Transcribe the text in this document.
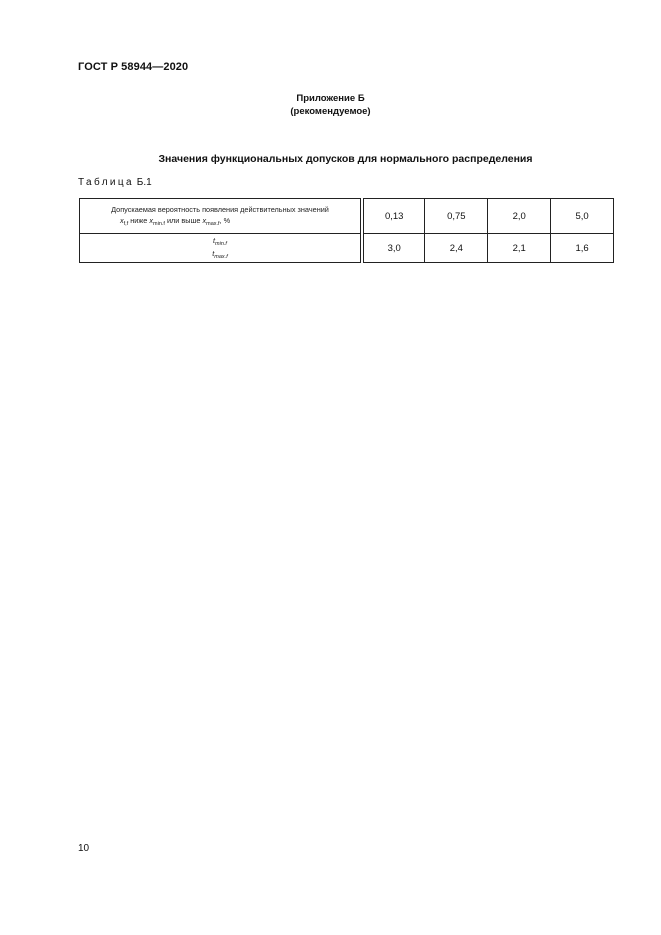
ГОСТ Р 58944—2020
Приложение Б
(рекомендуемое)
Значения функциональных допусков для нормального распределения
Таблица Б.1
Допускаемая вероятность появления действительных значений
$x_{f,f}$ ниже $x_{min.f}$ или выше $x_{max.f}$, %	0,13	0,75	2,0	5,0

$t_{min.f}$
$t_{max.f}$	3,0	2,4	2,1	1,6
10
